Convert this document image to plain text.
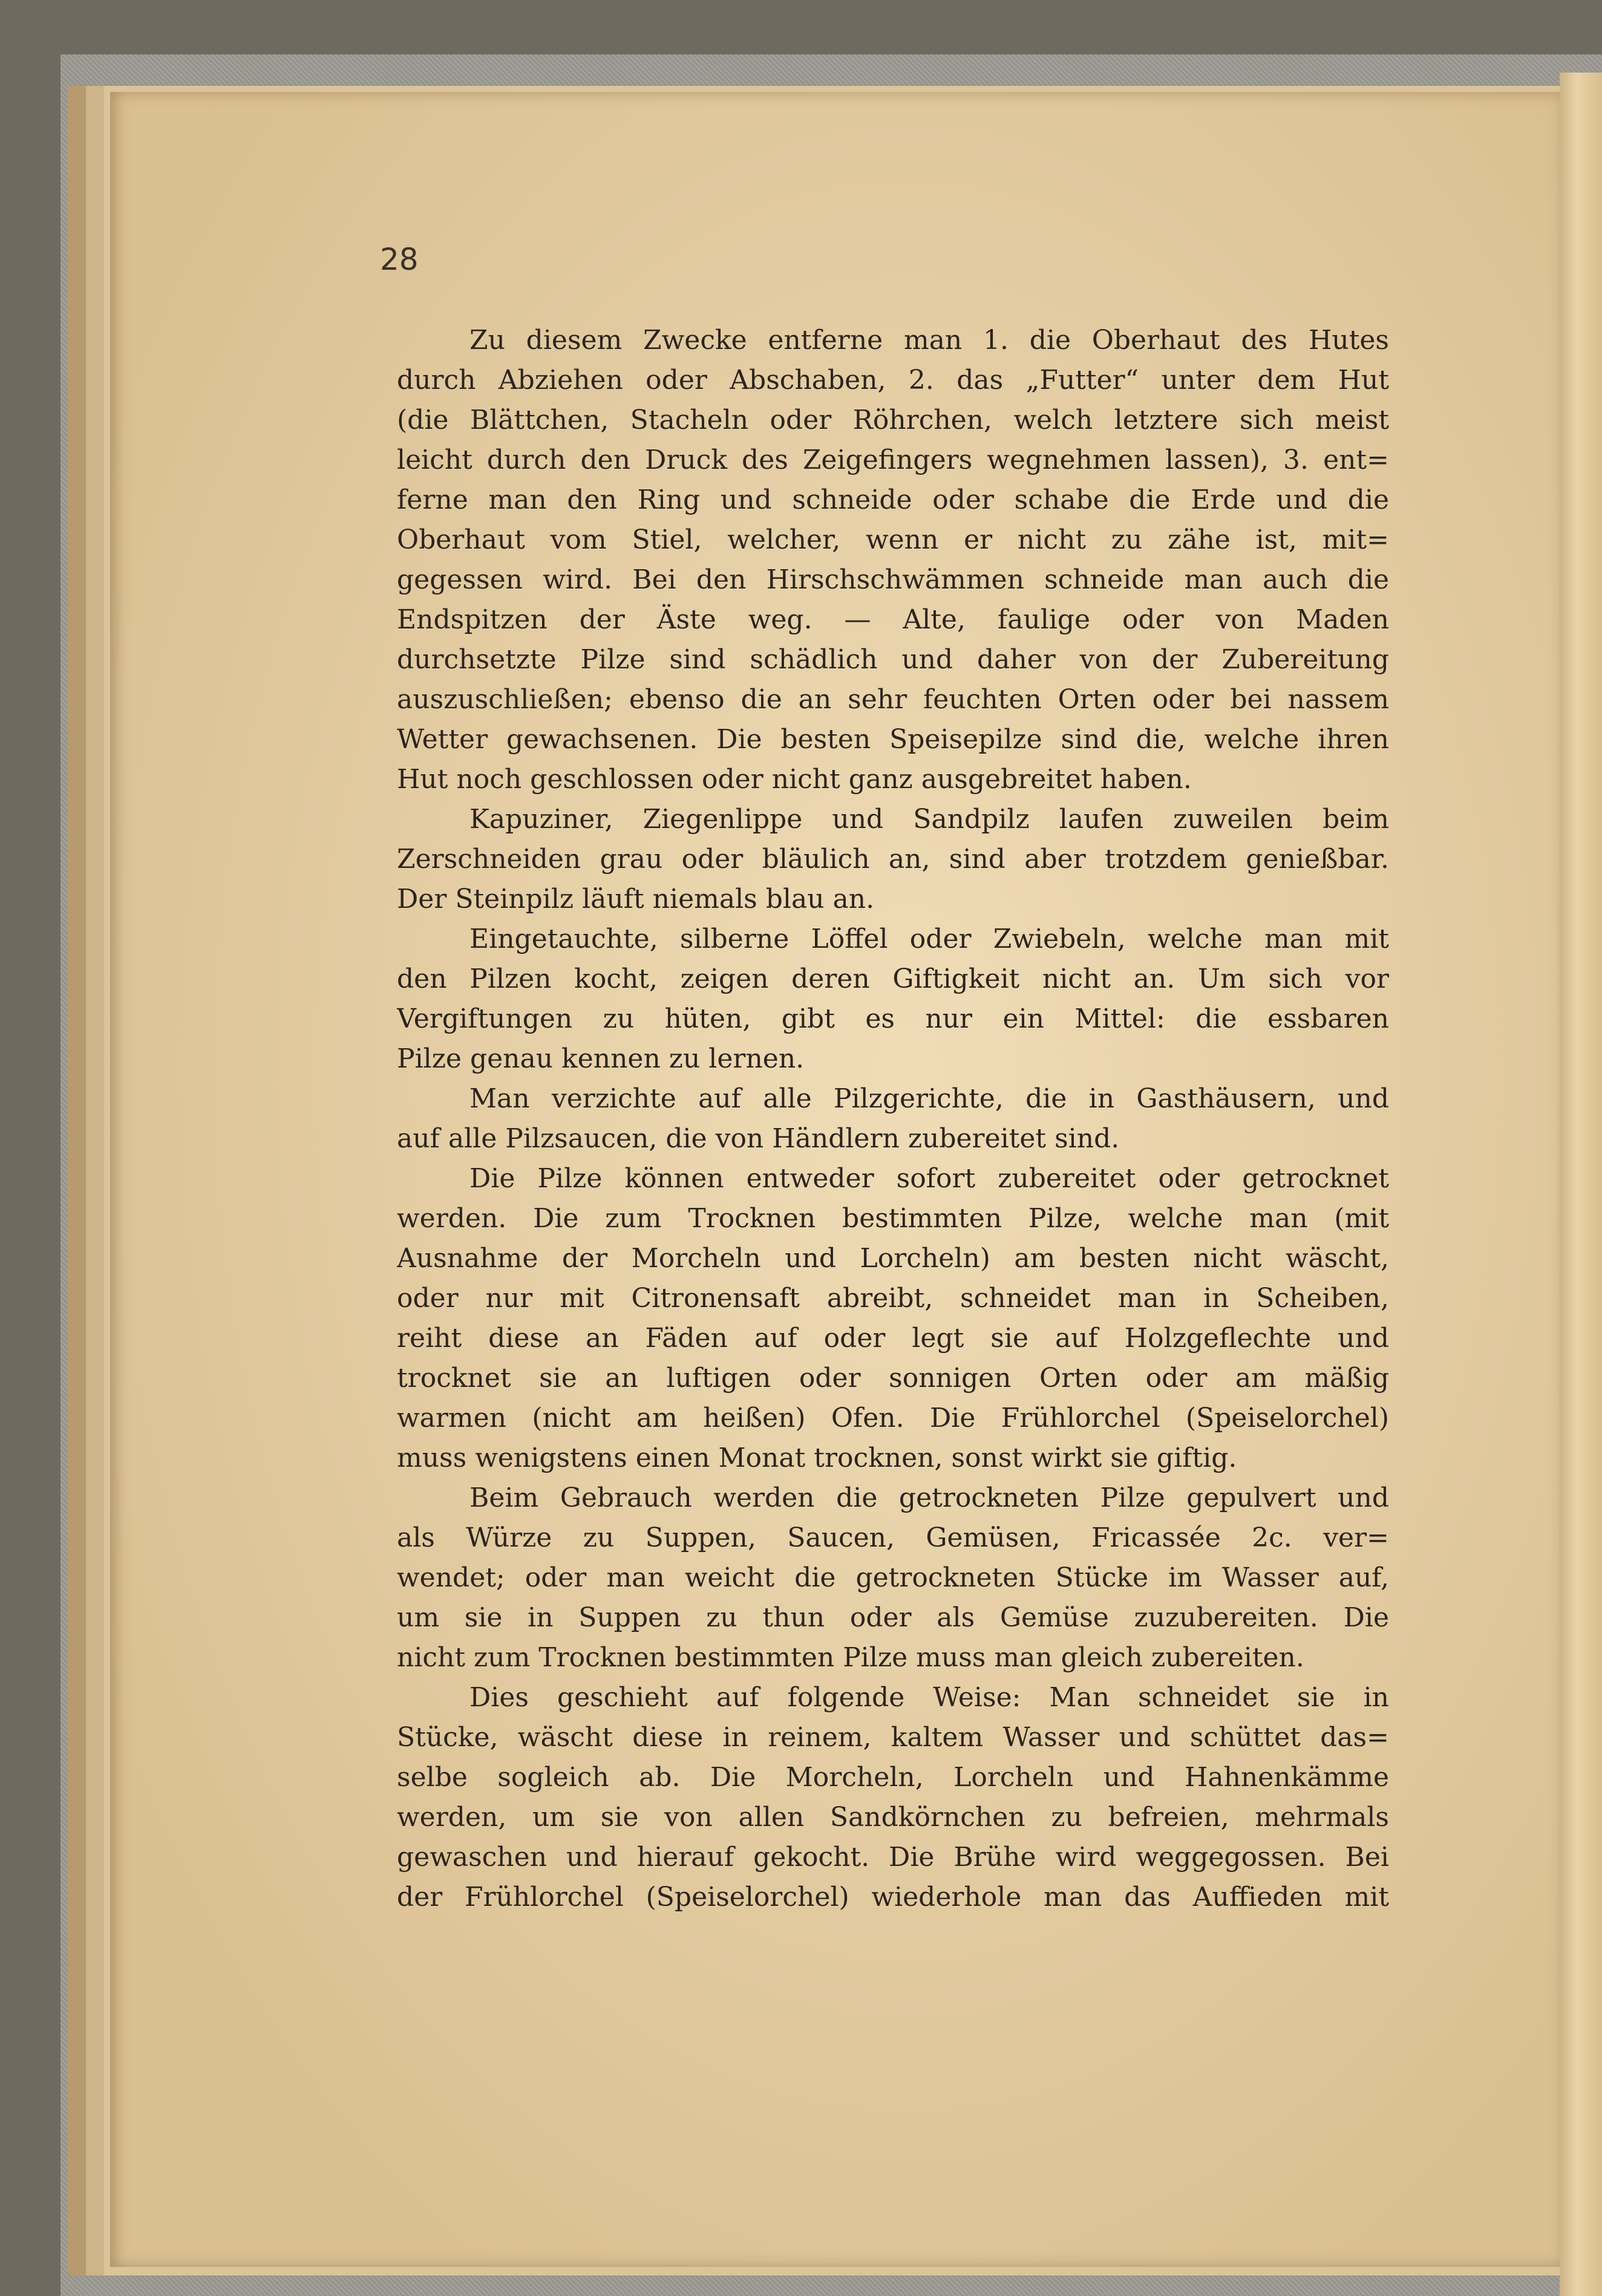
28
Zu diesem Zwecke entferne man 1. die Oberhaut des Hutes
durch Abziehen oder Abschaben, 2. das „Futter“ unter dem Hut
(die Blättchen, Stacheln oder Röhrchen, welch letztere sich meist
leicht durch den Druck des Zeigefingers wegnehmen lassen), 3. ent=
ferne man den Ring und schneide oder schabe die Erde und die
Oberhaut vom Stiel, welcher, wenn er nicht zu zähe ist, mit=
gegessen wird. Bei den Hirschschwämmen schneide man auch die
Endspitzen der Äste weg. — Alte, faulige oder von Maden
durchsetzte Pilze sind schädlich und daher von der Zubereitung
auszuschließen; ebenso die an sehr feuchten Orten oder bei nassem
Wetter gewachsenen. Die besten Speisepilze sind die, welche ihren
Hut noch geschlossen oder nicht ganz ausgebreitet haben.
Kapuziner, Ziegenlippe und Sandpilz laufen zuweilen beim
Zerschneiden grau oder bläulich an, sind aber trotzdem genießbar.
Der Steinpilz läuft niemals blau an.
Eingetauchte, silberne Löffel oder Zwiebeln, welche man mit
den Pilzen kocht, zeigen deren Giftigkeit nicht an. Um sich vor
Vergiftungen zu hüten, gibt es nur ein Mittel: die essbaren
Pilze genau kennen zu lernen.
Man verzichte auf alle Pilzgerichte, die in Gasthäusern, und
auf alle Pilzsaucen, die von Händlern zubereitet sind.
Die Pilze können entweder sofort zubereitet oder getrocknet
werden. Die zum Trocknen bestimmten Pilze, welche man (mit
Ausnahme der Morcheln und Lorcheln) am besten nicht wäscht,
oder nur mit Citronensaft abreibt, schneidet man in Scheiben,
reiht diese an Fäden auf oder legt sie auf Holzgeflechte und
trocknet sie an luftigen oder sonnigen Orten oder am mäßig
warmen (nicht am heißen) Ofen. Die Frühlorchel (Speiselorchel)
muss wenigstens einen Monat trocknen, sonst wirkt sie giftig.
Beim Gebrauch werden die getrockneten Pilze gepulvert und
als Würze zu Suppen, Saucen, Gemüsen, Fricassée 2c. ver=
wendet; oder man weicht die getrockneten Stücke im Wasser auf,
um sie in Suppen zu thun oder als Gemüse zuzubereiten. Die
nicht zum Trocknen bestimmten Pilze muss man gleich zubereiten.
Dies geschieht auf folgende Weise: Man schneidet sie in
Stücke, wäscht diese in reinem, kaltem Wasser und schüttet das=
selbe sogleich ab. Die Morcheln, Lorcheln und Hahnenkämme
werden, um sie von allen Sandkörnchen zu befreien, mehrmals
gewaschen und hierauf gekocht. Die Brühe wird weggegossen. Bei
der Frühlorchel (Speiselorchel) wiederhole man das Auffieden mit
